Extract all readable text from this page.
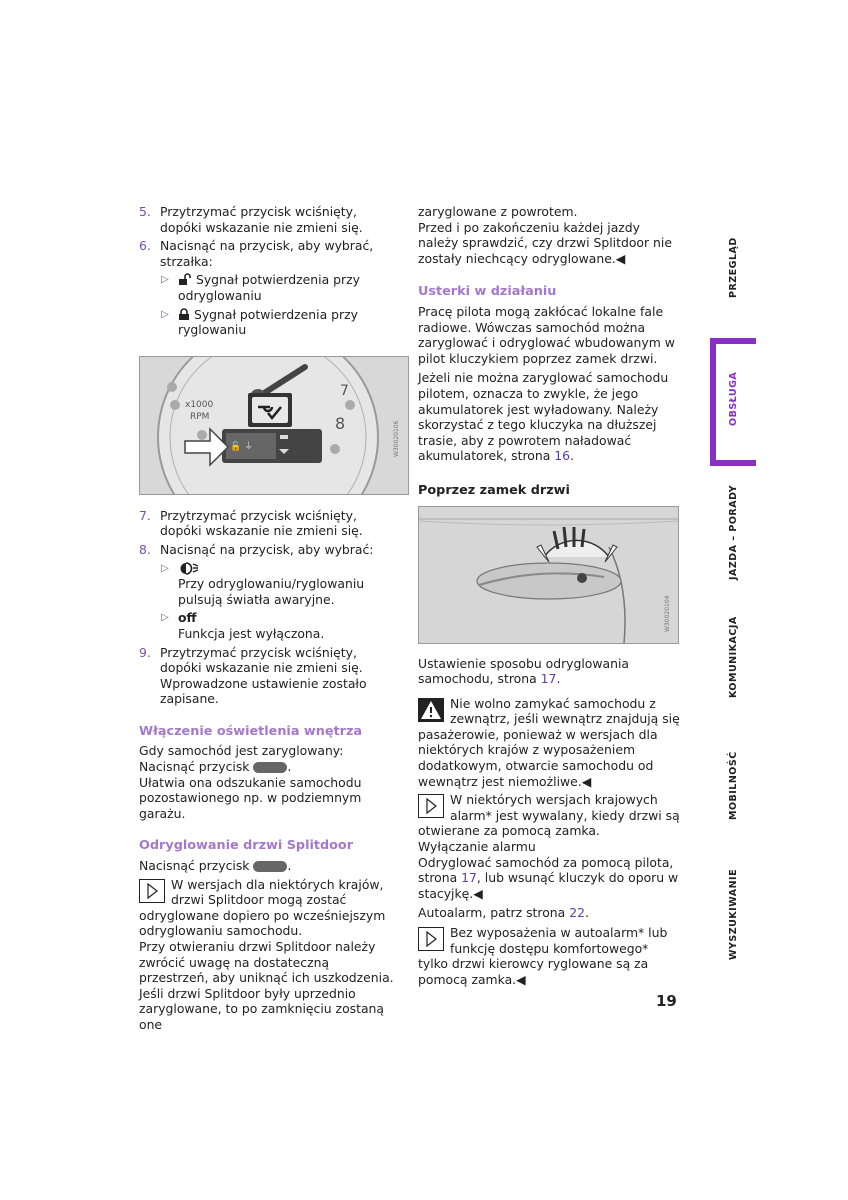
5. Przytrzymać przycisk wciśnięty, dopóki wskazanie nie zmieni się.
6. Nacisnąć na przycisk, aby wybrać, strzałka:
▷ Sygnał potwierdzenia przy odryglowaniu
▷ Sygnał potwierdzenia przy ryglowaniu
7
8
x1000
RPM
🔓 ⏚	W30020106
7. Przytrzymać przycisk wciśnięty, dopóki wskazanie nie zmieni się.
8. Nacisnąć na przycisk, aby wybrać:
▷

Przy odryglowaniu/ryglowaniu pulsują światła awaryjne.
▷ off
Funkcja jest wyłączona.
9. Przytrzymać przycisk wciśnięty, dopóki wskazanie nie zmieni się. Wprowadzone ustawienie zostało zapisane.

Włączenie oświetlenia wnętrza

Gdy samochód jest zaryglowany:

Nacisnąć przycisk	.

Ułatwia ona odszukanie samochodu pozostawionego np. w podziemnym garażu.

Odryglowanie drzwi Splitdoor

Nacisnąć przycisk	.

W wersjach dla niektórych krajów, drzwi Splitdoor mogą zostać odryglowane dopiero po wcześniejszym odryglowaniu samochodu.

Przy otwieraniu drzwi Splitdoor należy zwrócić uwagę na dostateczną przestrzeń, aby uniknąć ich uszkodzenia.

Jeśli drzwi Splitdoor były uprzednio zaryglowane, to po zamknięciu zostaną one

zaryglowane z powrotem.

Przed i po zakończeniu każdej jazdy należy sprawdzić, czy drzwi Splitdoor nie zostały niechcący odryglowane.◀

Usterki w działaniu

Pracę pilota mogą zakłócać lokalne fale radiowe. Wówczas samochód można zaryglować i odryglować wbudowanym w pilot kluczykiem poprzez zamek drzwi.

Jeżeli nie można zaryglować samochodu pilotem, oznacza to zwykle, że jego akumulatorek jest wyładowany. Należy skorzystać z tego kluczyka na dłuższej trasie, aby z powrotem naładować akumulatorek, strona 16.

Poprzez zamek drzwi

W30020104

Ustawienie sposobu odryglowania samochodu, strona 17.

Nie wolno zamykać samochodu z zewnątrz, jeśli wewnątrz znajdują się pasażerowie, ponieważ w wersjach dla niektórych krajów z wyposażeniem dodatkowym, otwarcie samochodu od wewnątrz jest niemożliwe.◀
W niektórych wersjach krajowych alarm* jest wywalany, kiedy drzwi są otwierane za pomocą zamka.

Wyłączanie alarmu

Odryglować samochód za pomocą pilota, strona 17, lub wsunąć kluczyk do oporu w stacyjkę.◀

Autoalarm, patrz strona 22.

Bez wyposażenia w autoalarm* lub funkcję dostępu komfortowego* tylko drzwi kierowcy ryglowane są za pomocą zamka.◀
PRZEGLĄD
OBSŁUGA
JAZDA – PORADY
KOMUNIKACJA
MOBILNOŚĆ
WYSZUKIWANIE
19
